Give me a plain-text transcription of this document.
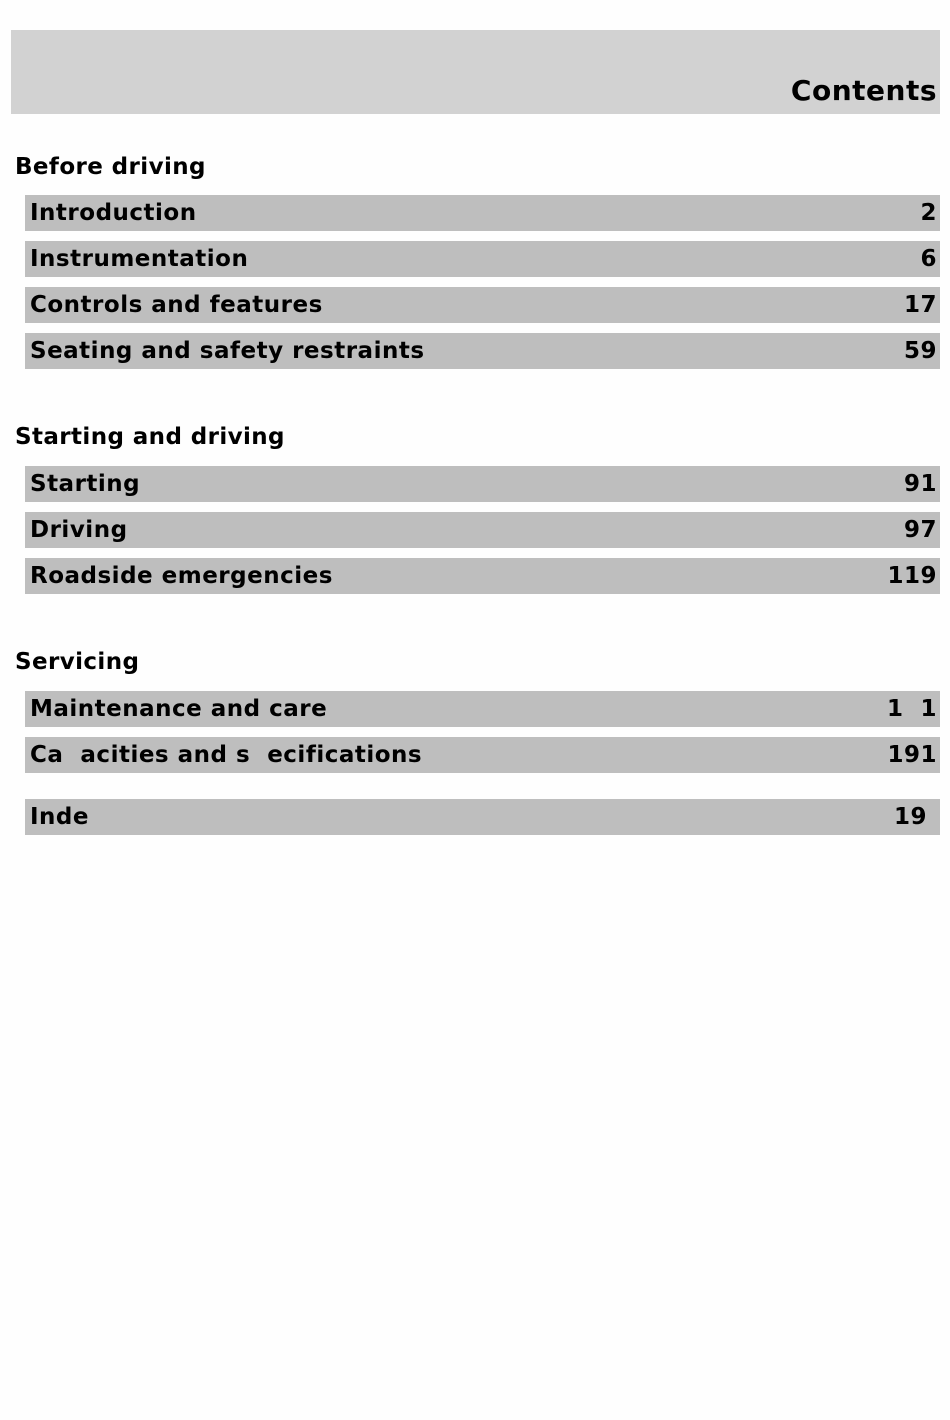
Contents
Before driving
Introduction	2
Instrumentation	6
Controls and features	17
Seating and safety restraints	59
Starting and driving
Starting	91
Driving	97
Roadside emergencies	119
Servicing
Maintenance and care	1  1
Ca  acities and s  ecifications	191
Inde	19
